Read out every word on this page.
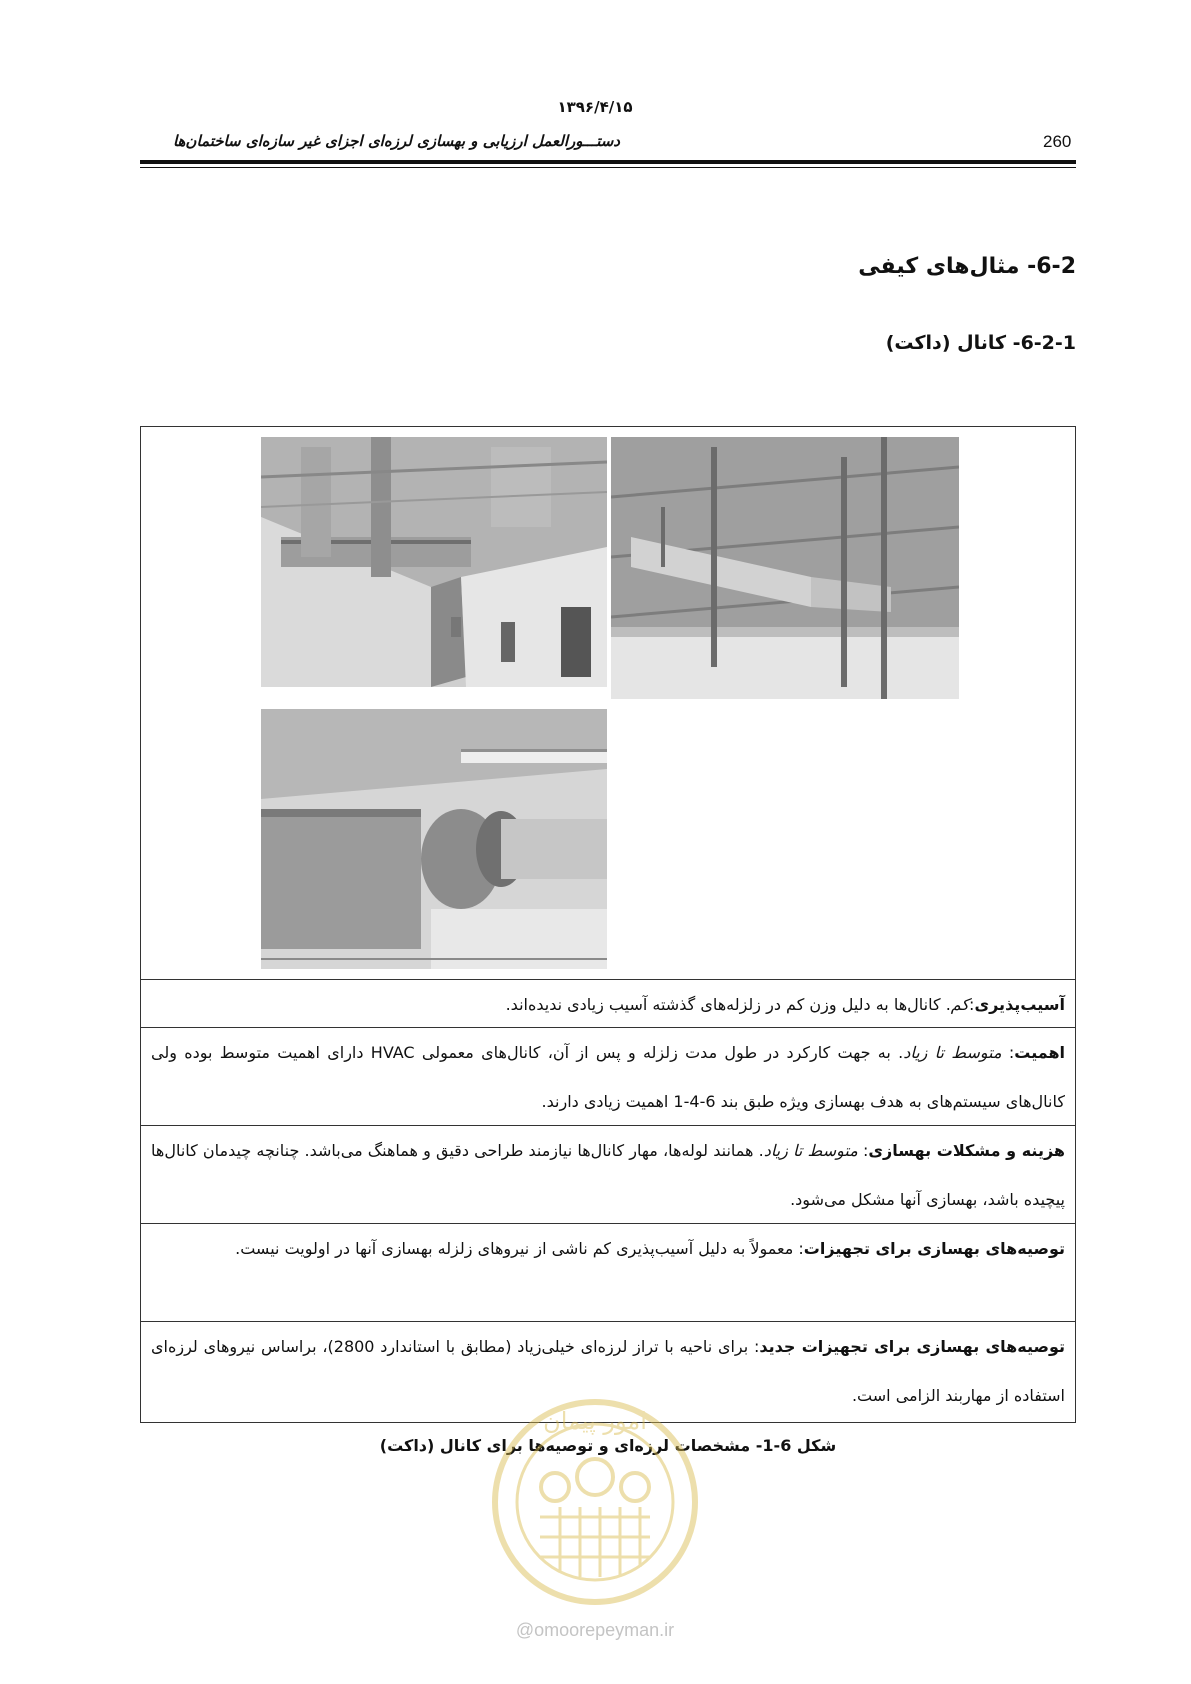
۱۳۹۶/۴/۱۵
260
دستـــورالعمل ارزیابی و بهسازی لرزه‌ای اجزای غیر سازه‌ای ساختمان‌ها
6-2- مثال‌های کیفی
6-2-1- کانال (داکت)
آسیب‌پذیری:کم. کانال‌ها به دلیل وزن کم در زلزله‌های گذشته آسیب زیادی ندیده‌اند.
اهمیت: متوسط تا زیاد. به جهت کارکرد در طول مدت زلزله و پس از آن، کانال‌های معمولی HVAC دارای اهمیت متوسط بوده ولی کانال‌های سیستم‌های به هدف بهسازی ویژه طبق بند 6-4-1 اهمیت زیادی دارند.
هزینه و مشکلات بهسازی: متوسط تا زیاد. همانند لوله‌ها، مهار کانال‌ها نیازمند طراحی دقیق و هماهنگ می‌باشد. چنانچه چیدمان کانال‌ها پیچیده باشد، بهسازی آنها مشکل می‌شود.
توصیه‌های بهسازی برای تجهیزات: معمولاً به دلیل آسیب‌پذیری کم ناشی از نیروهای زلزله بهسازی آنها در اولویت نیست.
توصیه‌های بهسازی برای تجهیزات جدید: برای ناحیه با تراز لرزه‌ای خیلی‌زیاد (مطابق با استاندارد 2800)، براساس نیروهای لرزه‌ای استفاده از مهاربند الزامی است.
شکل 6-1- مشخصات لرزه‌ای و توصیه‌ها برای کانال (داکت)
امور پیمان
@omoorepeyman.ir
